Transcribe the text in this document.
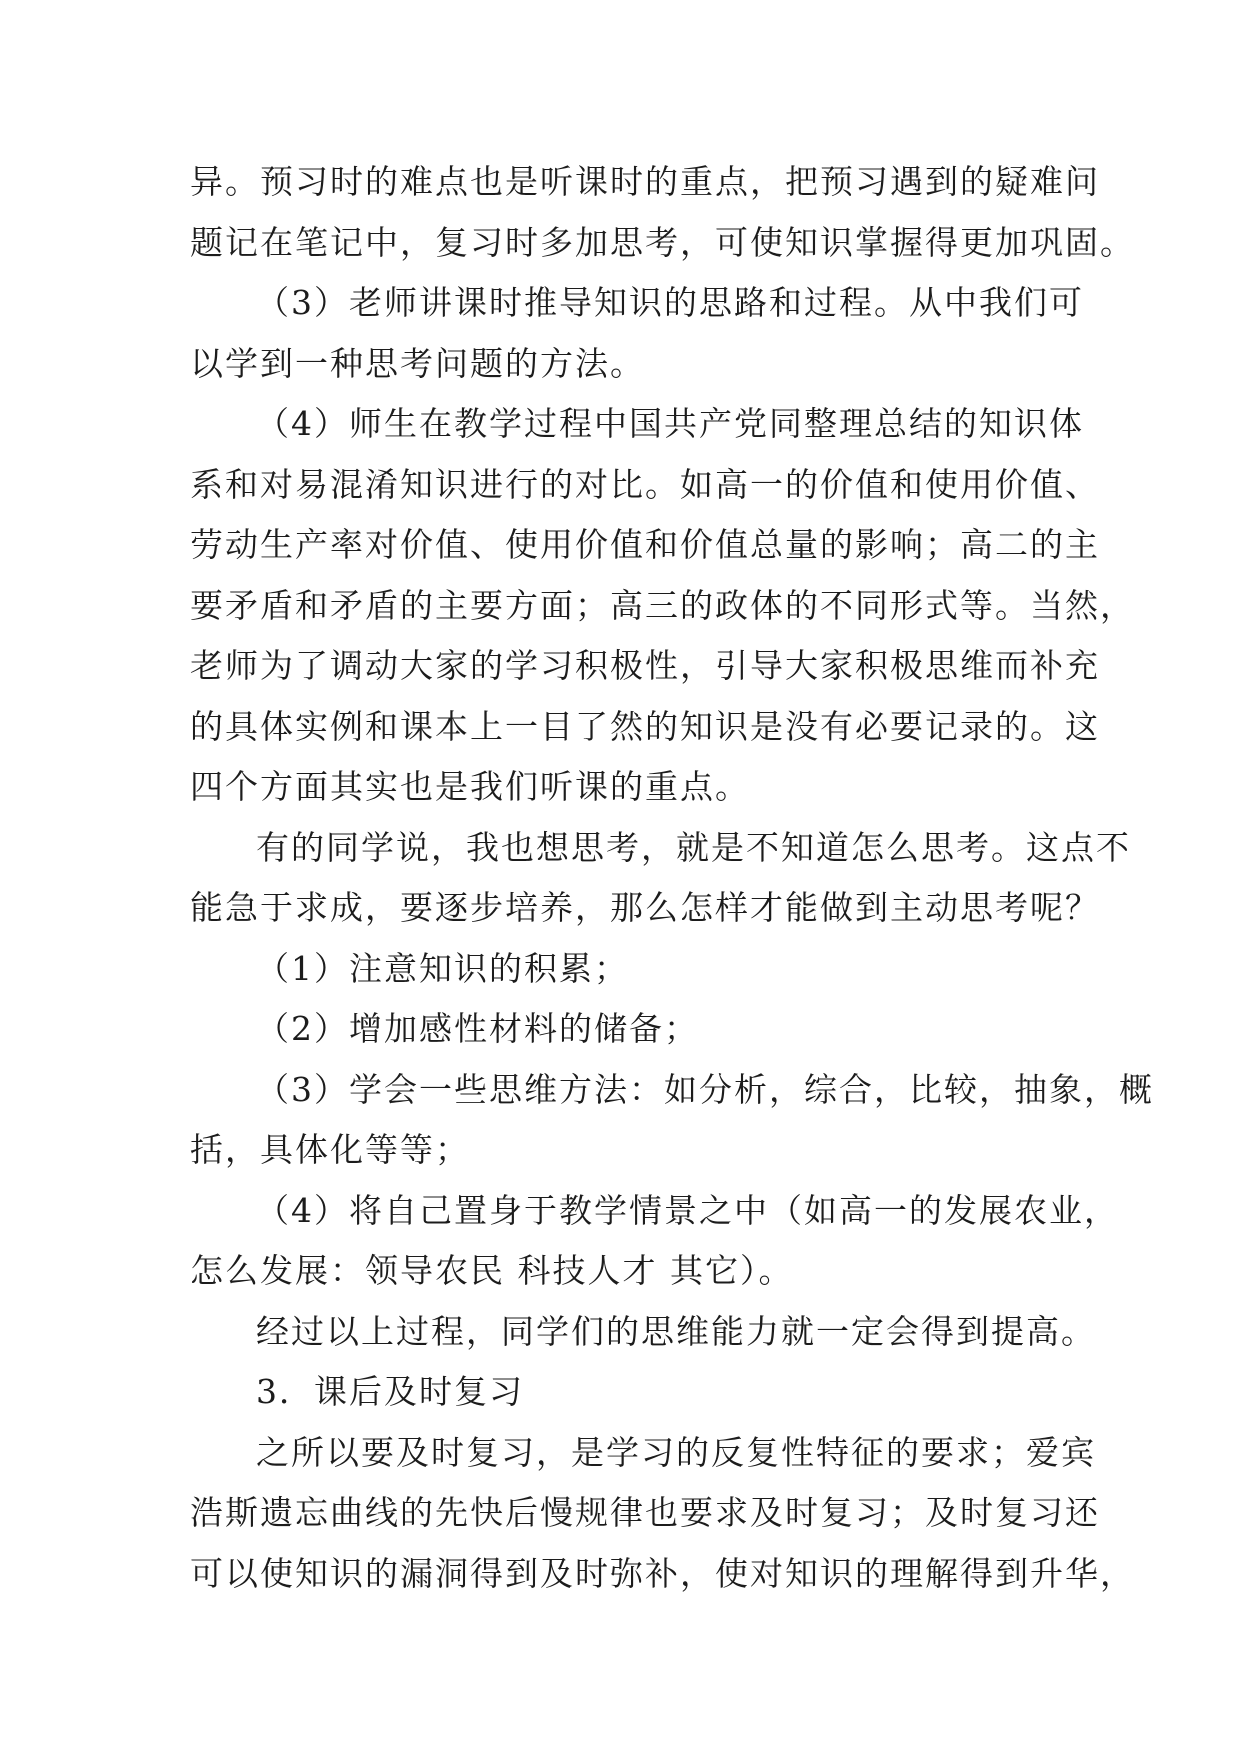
异。预习时的难点也是听课时的重点，把预习遇到的疑难问

题记在笔记中，复习时多加思考，可使知识掌握得更加巩固。

（3）老师讲课时推导知识的思路和过程。从中我们可

以学到一种思考问题的方法。

（4）师生在教学过程中国共产党同整理总结的知识体

系和对易混淆知识进行的对比。如高一的价值和使用价值、

劳动生产率对价值、使用价值和价值总量的影响；高二的主

要矛盾和矛盾的主要方面；高三的政体的不同形式等。当然，

老师为了调动大家的学习积极性，引导大家积极思维而补充

的具体实例和课本上一目了然的知识是没有必要记录的。这

四个方面其实也是我们听课的重点。

有的同学说，我也想思考，就是不知道怎么思考。这点不

能急于求成，要逐步培养，那么怎样才能做到主动思考呢？

（1）注意知识的积累；

（2）增加感性材料的储备；

（3）学会一些思维方法：如分析，综合，比较，抽象，概

括，具体化等等；

（4）将自己置身于教学情景之中（如高一的发展农业，

怎么发展：领导农民 科技人才 其它）。

经过以上过程，同学们的思维能力就一定会得到提高。

3．课后及时复习

之所以要及时复习，是学习的反复性特征的要求；爱宾

浩斯遗忘曲线的先快后慢规律也要求及时复习；及时复习还

可以使知识的漏洞得到及时弥补，使对知识的理解得到升华，
